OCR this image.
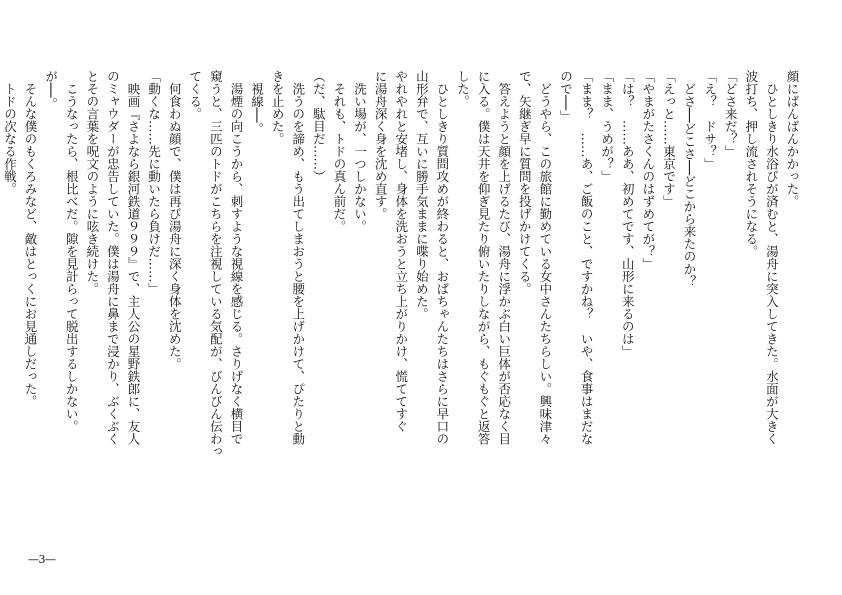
顔にばんばんかかった。
　ひとしきり水浴びが済むと、湯舟に突入してきた。水面が大きく
波打ち、押し流されそうになる。
「どさ来だ？」
「え？　ドサ？」
　どさ──どこさ──どこから来たのか？
「えっと……東京です」
「やまがたさくんのはずめてが？」
「は？　……ああ、初めてです、山形に来るのは」
「まま、うめが？」
「まま？　……あ、ご飯のこと、ですかね？　いや、食事はまだな
ので──」
　どうやら、この旅館に勤めている女中さんたちらしい。興味津々
で、矢継ぎ早に質問を投げかけてくる。
　答えようと顔を上げるたび、湯舟に浮かぶ白い巨体が否応なく目
に入る。僕は天井を仰ぎ見たり俯いたりしながら、もぐもぐと返答
した。
　ひとしきり質問攻めが終わると、おばちゃんたちはさらに早口の
山形弁で、互いに勝手気ままに喋り始めた。
やれやれと安堵し、身体を洗おうと立ち上がりかけ、慌ててすぐ
に湯舟深く身を沈め直す。
　洗い場が、一つしかない。
　それも、トドの真ん前だ。
（だ、駄目だ……）
　洗うのを諦め、もう出てしまおうと腰を上げかけて、ぴたりと動
きを止めた。
　視線──。
　湯煙の向こうから、刺すような視線を感じる。さりげなく横目で
窺うと、三匹のトドがこちらを注視している気配が、びんびん伝わっ
てくる。
　何食わぬ顔で、僕は再び湯舟に深く身体を沈めた。
「動くな……先に動いたら負けだ……」
　映画『さよなら銀河鉄道９９９』で、主人公の星野鉄郎に、友人
のミャウダーが忠告していた。僕は湯舟に鼻まで浸かり、ぶくぶく
とその言葉を呪文のように呟き続けた。
　こうなったら、根比べだ。隙を見計らって脱出するしかない。
が──。
　そんな僕のもくろみなど、敵はとっくにお見通しだった。
　トドの次なる作戦。
—3—
